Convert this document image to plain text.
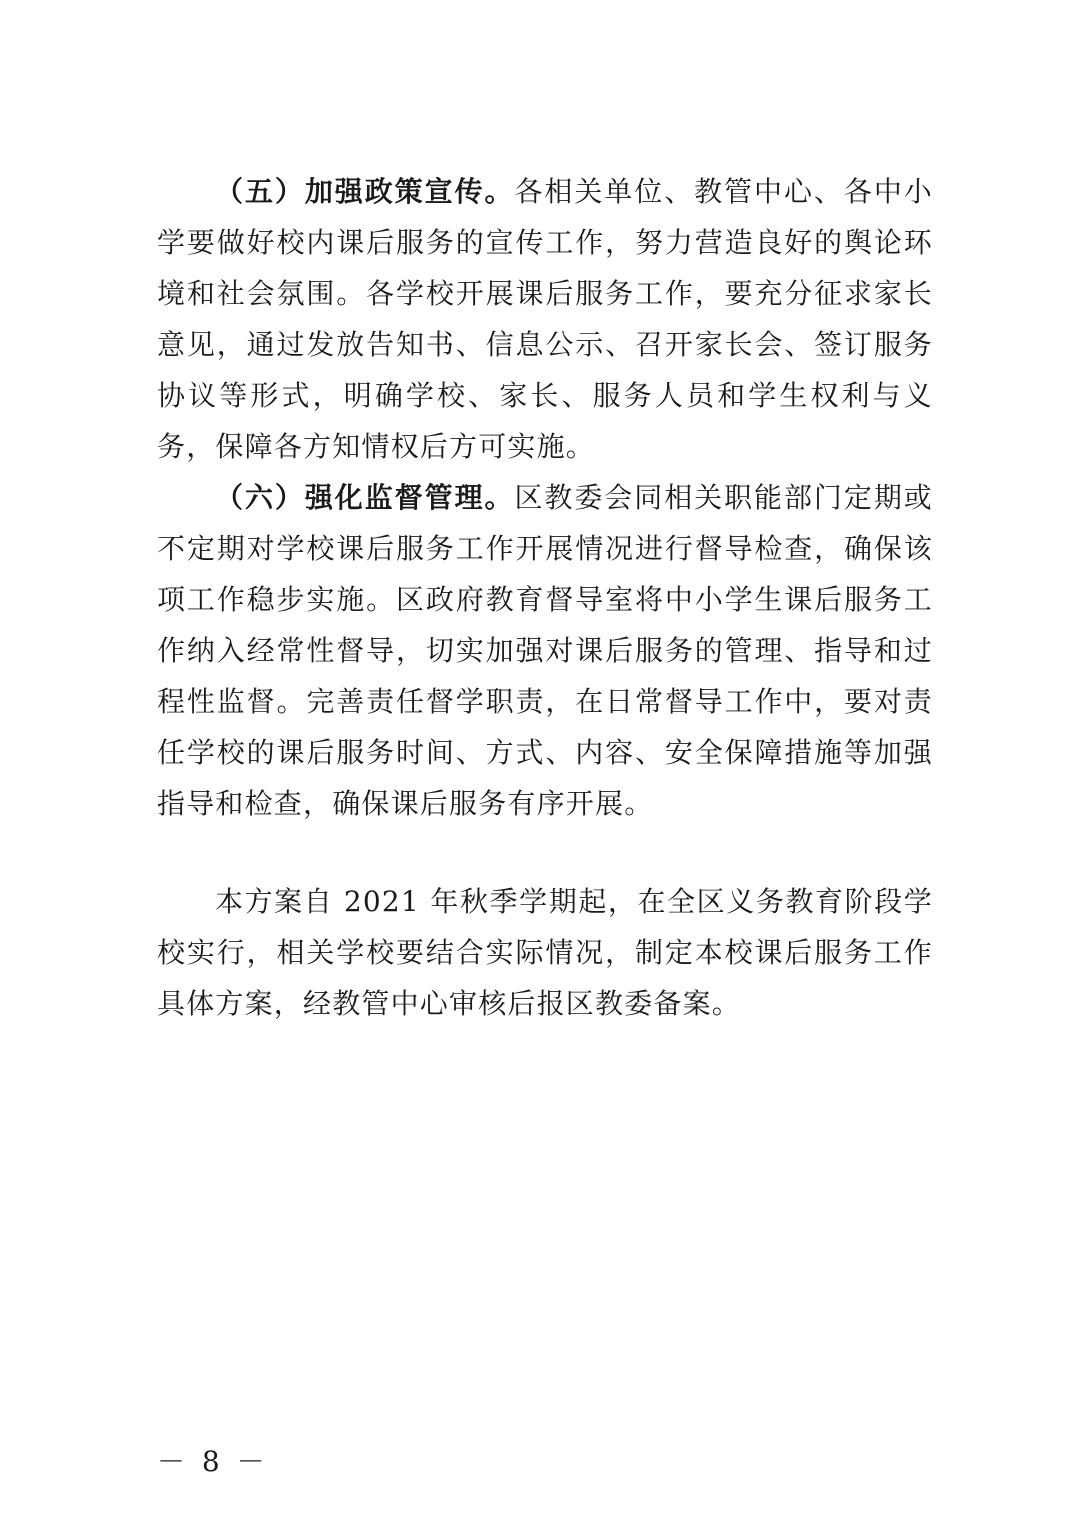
（五）加强政策宣传。各相关单位、教管中心、各中小学要做好校内课后服务的宣传工作，努力营造良好的舆论环境和社会氛围。各学校开展课后服务工作，要充分征求家长意见，通过发放告知书、信息公示、召开家长会、签订服务协议等形式，明确学校、家长、服务人员和学生权利与义务，保障各方知情权后方可实施。

（六）强化监督管理。区教委会同相关职能部门定期或不定期对学校课后服务工作开展情况进行督导检查，确保该项工作稳步实施。区政府教育督导室将中小学生课后服务工作纳入经常性督导，切实加强对课后服务的管理、指导和过程性监督。完善责任督学职责，在日常督导工作中，要对责任学校的课后服务时间、方式、内容、安全保障措施等加强指导和检查，确保课后服务有序开展。

本方案自 2021 年秋季学期起，在全区义务教育阶段学校实行，相关学校要结合实际情况，制定本校课后服务工作具体方案，经教管中心审核后报区教委备案。

－ 8 －
